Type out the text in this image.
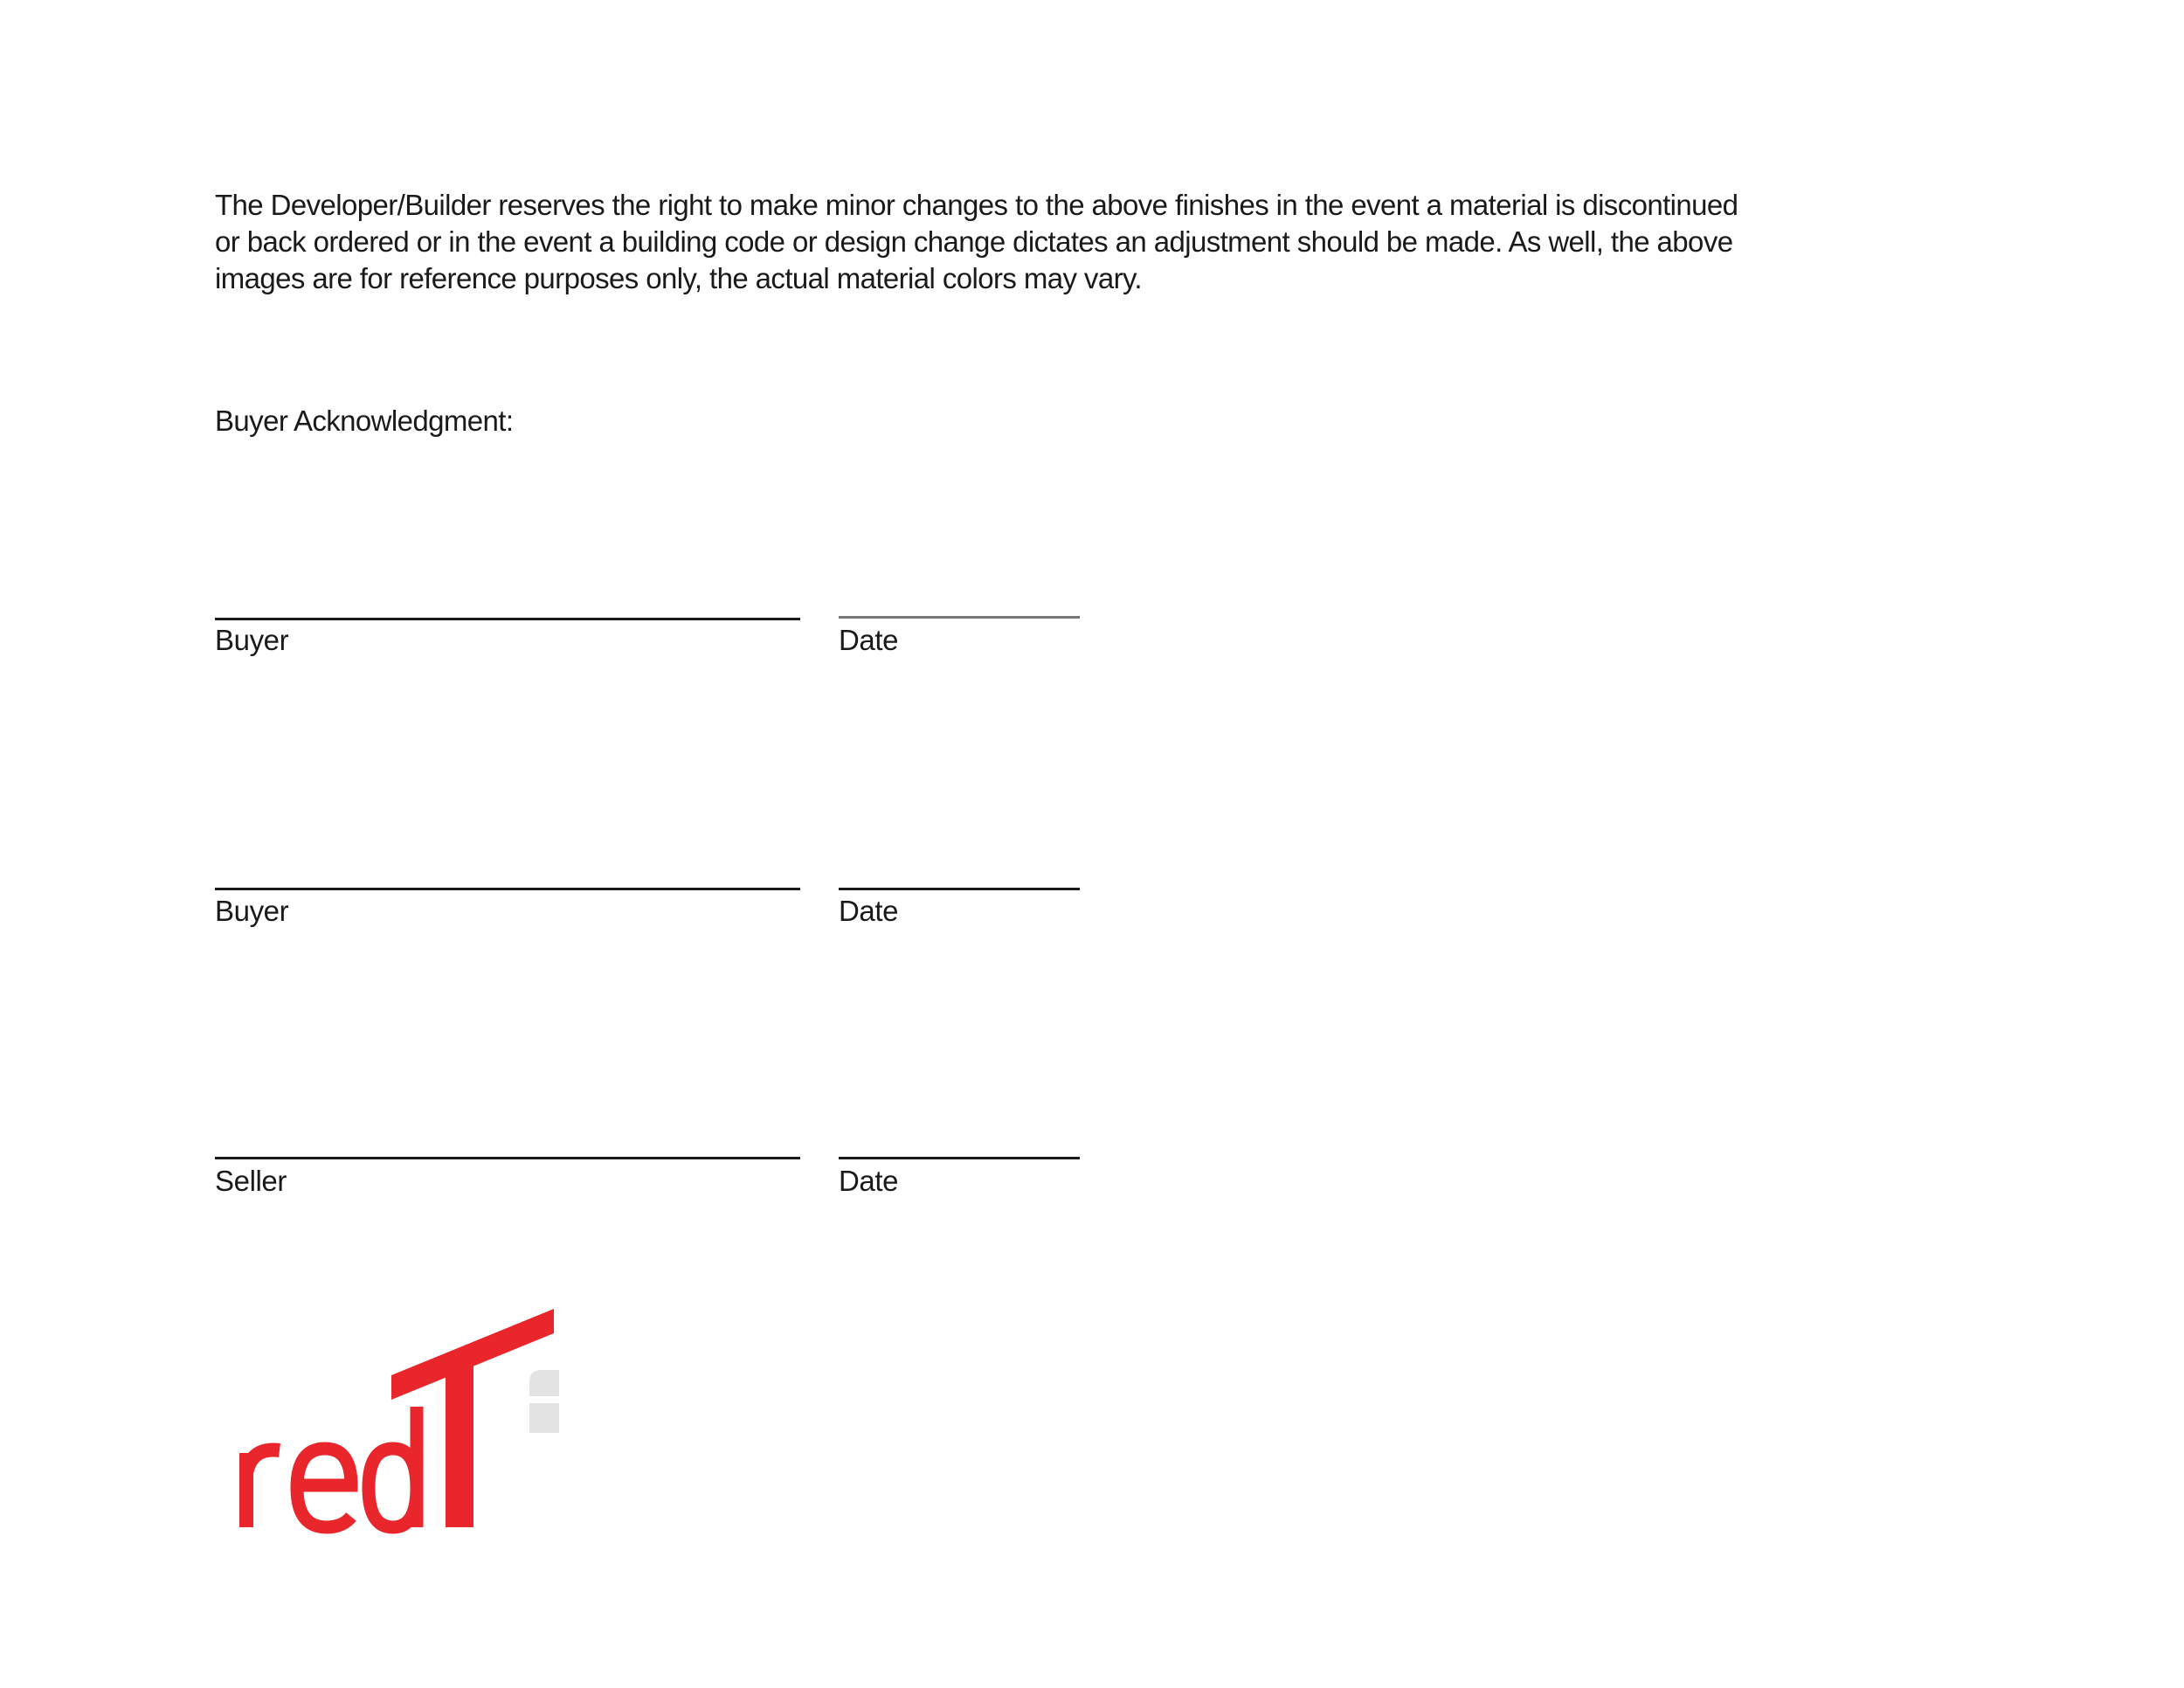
The Developer/Builder reserves the right to make minor changes to the above finishes in the event a material is discontinued
or back ordered or in the event a building code or design change dictates an adjustment should be made. As well, the above
images are for reference purposes only, the actual material colors may vary.

Buyer Acknowledgment:
Buyer	Date
Buyer	Date
Seller	Date
